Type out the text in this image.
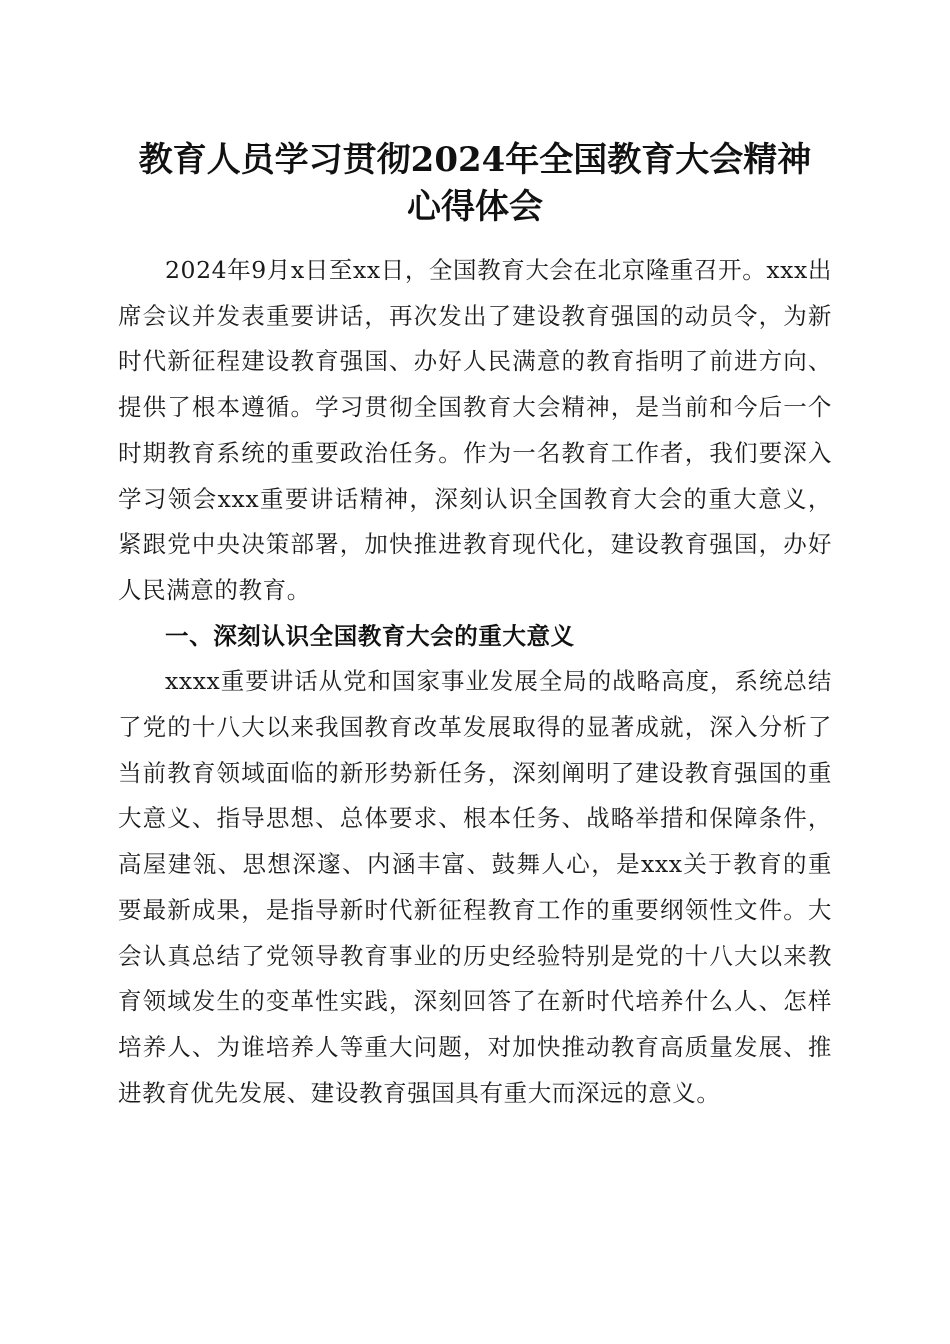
教育人员学习贯彻2024年全国教育大会精神
心得体会

2024年9月x日至xx日，全国教育大会在北京隆重召开。xxx出席会议并发表重要讲话，再次发出了建设教育强国的动员令，为新时代新征程建设教育强国、办好人民满意的教育指明了前进方向、提供了根本遵循。学习贯彻全国教育大会精神，是当前和今后一个时期教育系统的重要政治任务。作为一名教育工作者，我们要深入学习领会xxx重要讲话精神，深刻认识全国教育大会的重大意义，紧跟党中央决策部署，加快推进教育现代化，建设教育强国，办好人民满意的教育。

一、深刻认识全国教育大会的重大意义

xxxx重要讲话从党和国家事业发展全局的战略高度，系统总结了党的十八大以来我国教育改革发展取得的显著成就，深入分析了当前教育领域面临的新形势新任务，深刻阐明了建设教育强国的重大意义、指导思想、总体要求、根本任务、战略举措和保障条件，高屋建瓴、思想深邃、内涵丰富、鼓舞人心，是xxx关于教育的重要最新成果，是指导新时代新征程教育工作的重要纲领性文件。大会认真总结了党领导教育事业的历史经验特别是党的十八大以来教育领域发生的变革性实践，深刻回答了在新时代培养什么人、怎样培养人、为谁培养人等重大问题，对加快推动教育高质量发展、推进教育优先发展、建设教育强国具有重大而深远的意义。
